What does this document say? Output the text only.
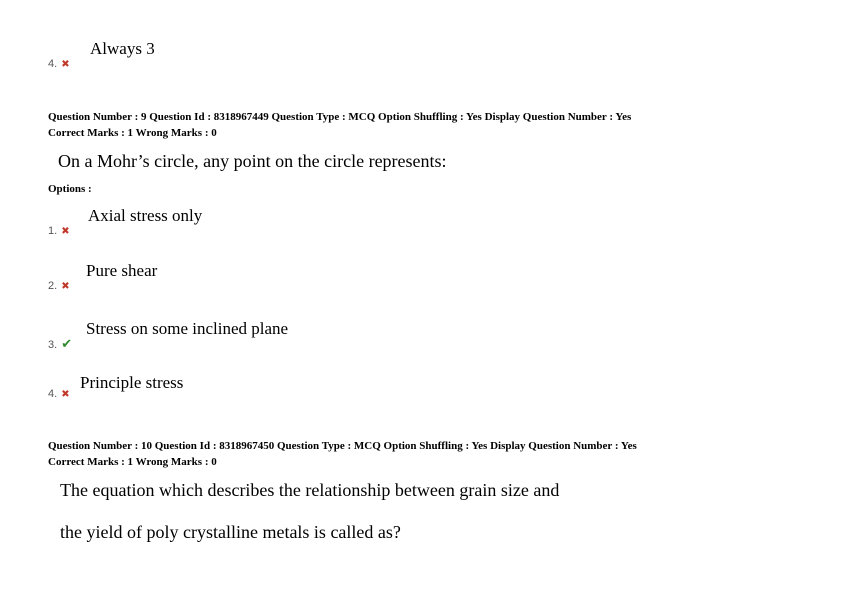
Always 3
4. ✖
Question Number : 9 Question Id : 8318967449 Question Type : MCQ Option Shuffling : Yes Display Question Number : Yes
Correct Marks : 1 Wrong Marks : 0
On a Mohr’s circle, any point on the circle represents:
Options :
Axial stress only
1. ✖
Pure shear
2. ✖
Stress on some inclined plane
3. ✔
Principle stress
4. ✖
Question Number : 10 Question Id : 8318967450 Question Type : MCQ Option Shuffling : Yes Display Question Number : Yes
Correct Marks : 1 Wrong Marks : 0
The equation which describes the relationship between grain size and
the yield of poly crystalline metals is called as?
